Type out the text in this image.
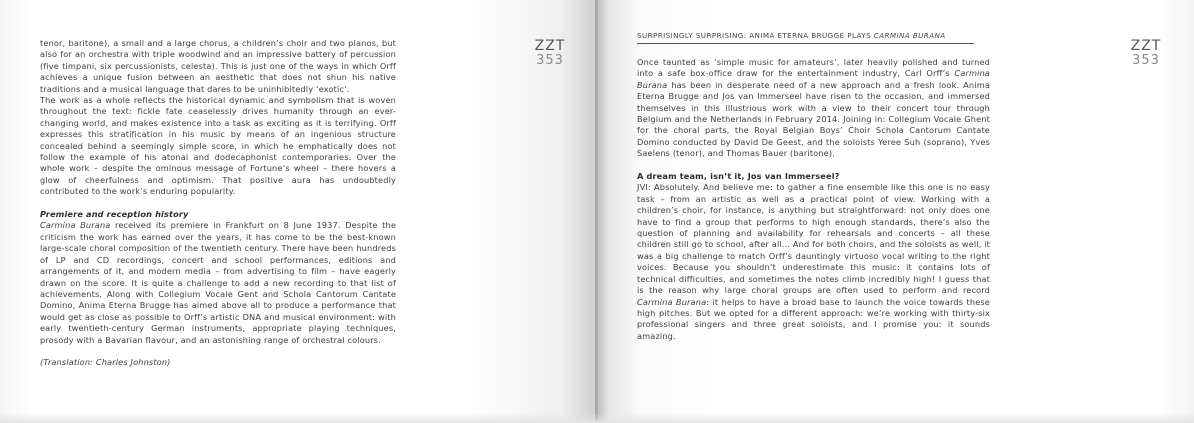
tenor, baritone), a small and a large chorus, a children’s choir and two pianos, but also for an orchestra with triple woodwind and an impressive battery of percussion (five timpani, six percussionists, celesta). This is just one of the ways in which Orff achieves a unique fusion between an aesthetic that does not shun his native traditions and a musical language that dares to be uninhibitedly ‘exotic’.

The work as a whole reflects the historical dynamic and symbolism that is woven throughout the text: fickle fate ceaselessly drives humanity through an ever-changing world, and makes existence into a task as exciting as it is terrifying. Orff expresses this stratification in his music by means of an ingenious structure concealed behind a seemingly simple score, in which he emphatically does not follow the example of his atonal and dodecaphonist contemporaries. Over the whole work – despite the ominous message of Fortune’s wheel – there hovers a glow of cheerfulness and optimism. That positive aura has undoubtedly contributed to the work’s enduring popularity.

Premiere and reception history

Carmina Burana received its premiere in Frankfurt on 8 June 1937. Despite the criticism the work has earned over the years, it has come to be the best-known large-scale choral composition of the twentieth century. There have been hundreds of LP and CD recordings, concert and school performances, editions and arrangements of it, and modern media – from advertising to film – have eagerly drawn on the score. It is quite a challenge to add a new recording to that list of achievements. Along with Collegium Vocale Gent and Schola Cantorum Cantate Domino, Anima Eterna Brugge has aimed above all to produce a performance that would get as close as possible to Orff’s artistic DNA and musical environment: with early twentieth-century German instruments, appropriate playing techniques, prosody with a Bavarian flavour, and an astonishing range of orchestral colours.

(Translation: Charles Johnston)

ZZT
353
SURPRISINGLY SURPRISING: ANIMA ETERNA BRUGGE PLAYS CARMINA BURANA

Once taunted as ‘simple music for amateurs’, later heavily polished and turned into a safe box-office draw for the entertainment industry, Carl Orff’s Carmina Burana has been in desperate need of a new approach and a fresh look. Anima Eterna Brugge and Jos van Immerseel have risen to the occasion, and immersed themselves in this illustrious work with a view to their concert tour through Belgium and the Netherlands in February 2014. Joining in: Collegium Vocale Ghent for the choral parts, the Royal Belgian Boys’ Choir Schola Cantorum Cantate Domino conducted by David De Geest, and the soloists Yeree Suh (soprano), Yves Saelens (tenor), and Thomas Bauer (baritone).

A dream team, isn’t it, Jos van Immerseel?

JVI: Absolutely. And believe me: to gather a fine ensemble like this one is no easy task – from an artistic as well as a practical point of view. Working with a children’s choir, for instance, is anything but straightforward: not only does one have to find a group that performs to high enough standards, there’s also the question of planning and availability for rehearsals and concerts – all these children still go to school, after all… And for both choirs, and the soloists as well, it was a big challenge to match Orff’s dauntingly virtuoso vocal writing to the right voices. Because you shouldn’t underestimate this music: it contains lots of technical difficulties, and sometimes the notes climb incredibly high! I guess that is the reason why large choral groups are often used to perform and record Carmina Burana: it helps to have a broad base to launch the voice towards these high pitches. But we opted for a different approach: we’re working with thirty-six professional singers and three great soloists, and I promise you: it sounds amazing.

ZZT
353
